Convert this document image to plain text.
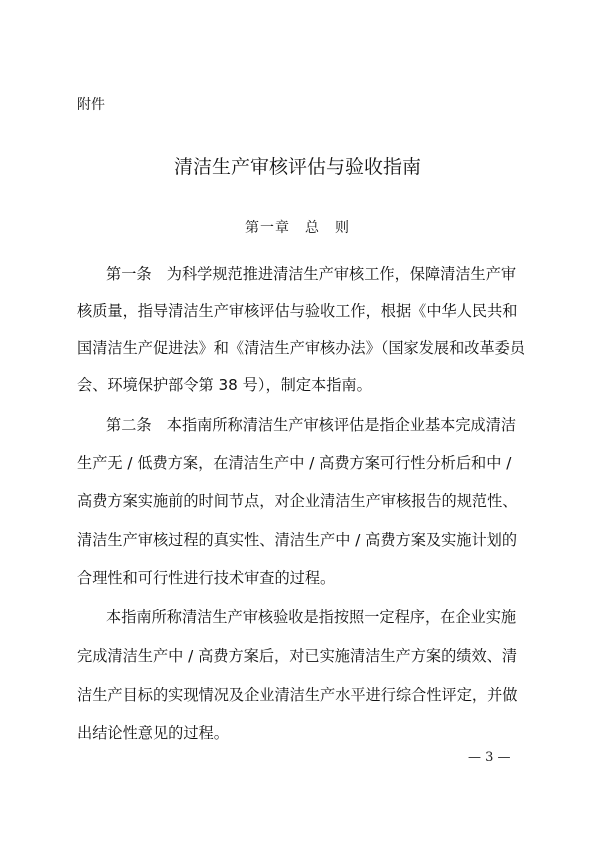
附件
清洁生产审核评估与验收指南
第一章　总　则
第一条 为科学规范推进清洁生产审核工作，保障清洁生产审
核质量，指导清洁生产审核评估与验收工作，根据《中华人民共和
国清洁生产促进法》和《清洁生产审核办法》（国家发展和改革委员
会、环境保护部令第 38 号），制定本指南。
第二条 本指南所称清洁生产审核评估是指企业基本完成清洁
生产无 / 低费方案，在清洁生产中 / 高费方案可行性分析后和中 /
高费方案实施前的时间节点，对企业清洁生产审核报告的规范性、
清洁生产审核过程的真实性、清洁生产中 / 高费方案及实施计划的
合理性和可行性进行技术审查的过程。
本指南所称清洁生产审核验收是指按照一定程序，在企业实施
完成清洁生产中 / 高费方案后，对已实施清洁生产方案的绩效、清
洁生产目标的实现情况及企业清洁生产水平进行综合性评定，并做
出结论性意见的过程。
— 3 —
